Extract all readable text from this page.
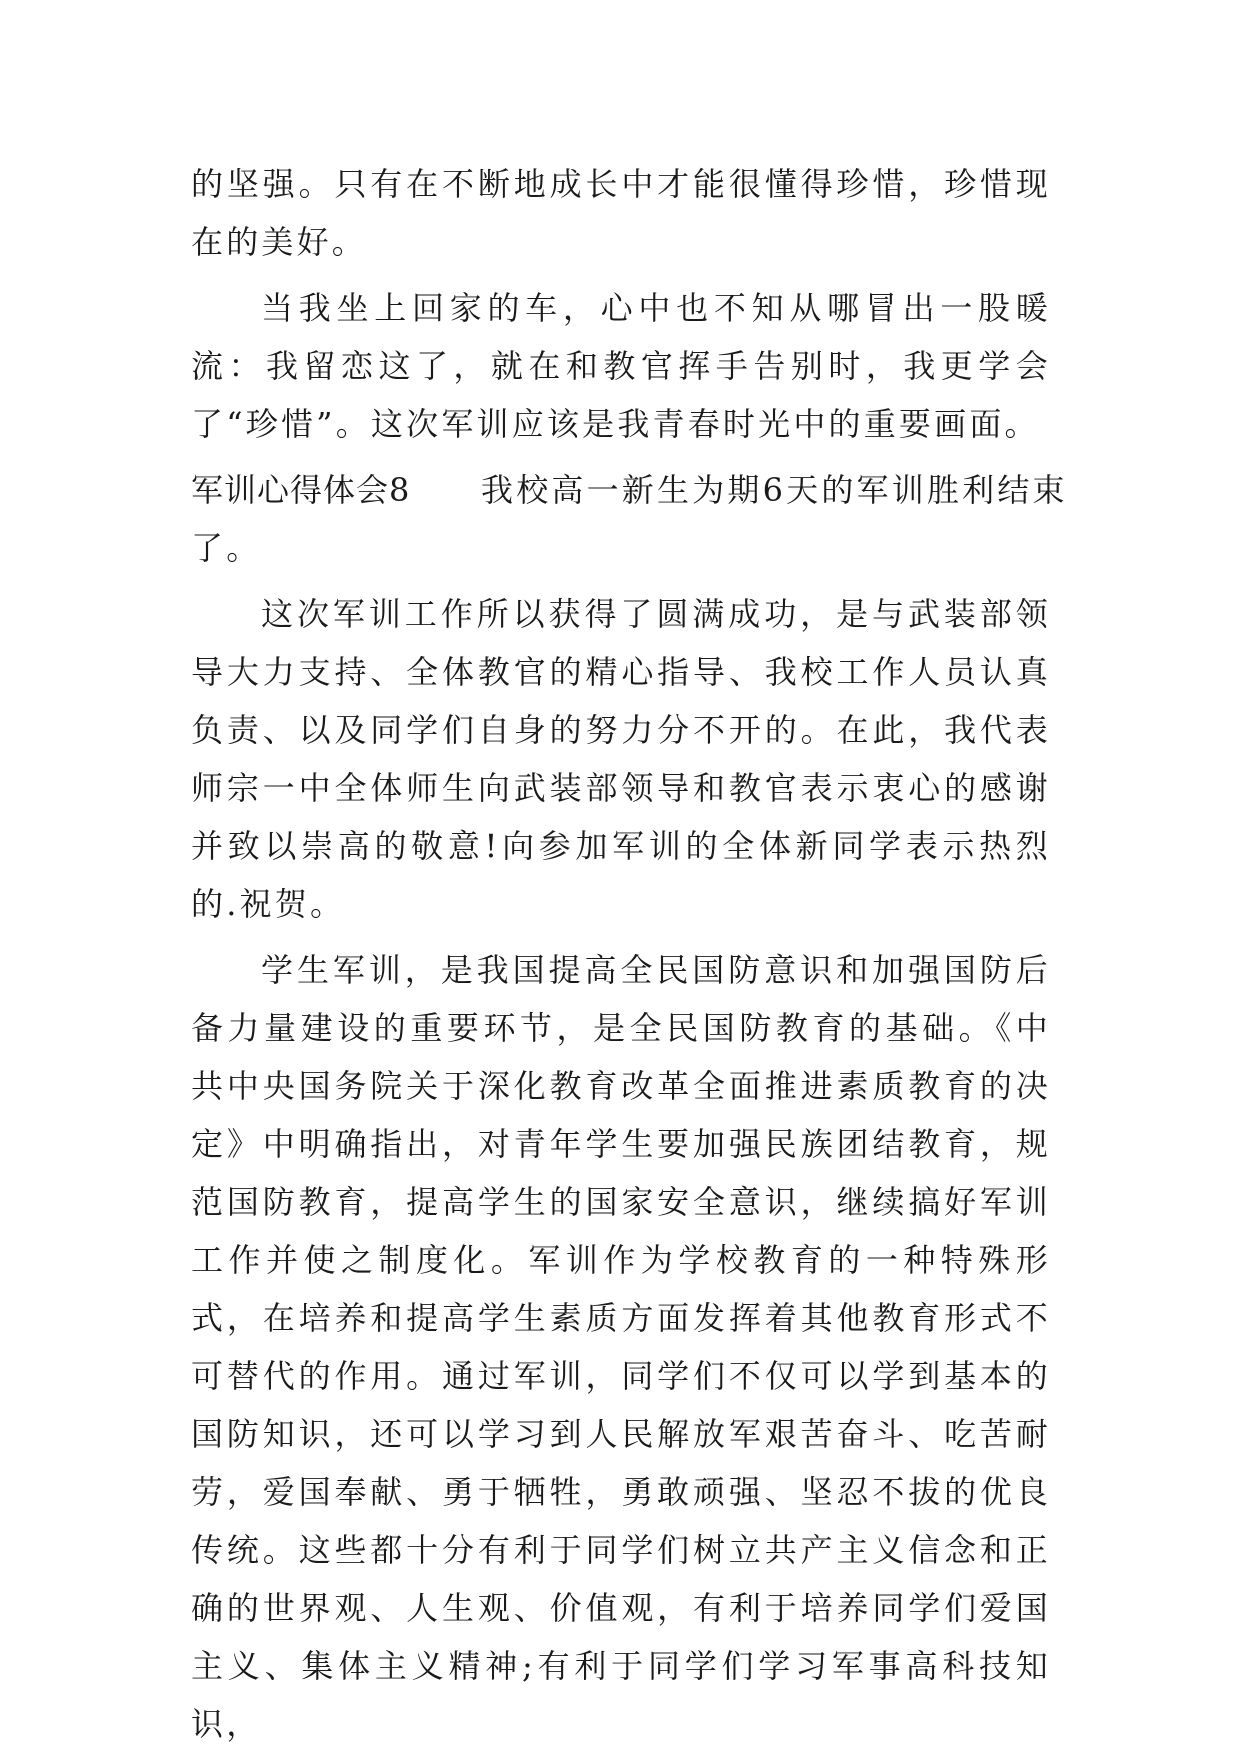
的坚强。只有在不断地成长中才能很懂得珍惜，珍惜现在的美好。

当我坐上回家的车，心中也不知从哪冒出一股暖流：我留恋这了，就在和教官挥手告别时，我更学会了“珍惜”。这次军训应该是我青春时光中的重要画面。

军训心得体会8 我校高一新生为期6天的军训胜利结束

了。

这次军训工作所以获得了圆满成功，是与武装部领导大力支持、全体教官的精心指导、我校工作人员认真负责、以及同学们自身的努力分不开的。在此，我代表师宗一中全体师生向武装部领导和教官表示衷心的感谢并致以崇高的敬意!向参加军训的全体新同学表示热烈的.祝贺。

学生军训，是我国提高全民国防意识和加强国防后备力量建设的重要环节，是全民国防教育的基础。《中共中央国务院关于深化教育改革全面推进素质教育的决定》中明确指出，对青年学生要加强民族团结教育，规范国防教育，提高学生的国家安全意识，继续搞好军训工作并使之制度化。军训作为学校教育的一种特殊形式，在培养和提高学生素质方面发挥着其他教育形式不可替代的作用。通过军训，同学们不仅可以学到基本的国防知识，还可以学习到人民解放军艰苦奋斗、吃苦耐劳，爱国奉献、勇于牺牲，勇敢顽强、坚忍不拔的优良传统。这些都十分有利于同学们树立共产主义信念和正确的世界观、人生观、价值观，有利于培养同学们爱国主义、集体主义精神;有利于同学们学习军事高科技知识，
